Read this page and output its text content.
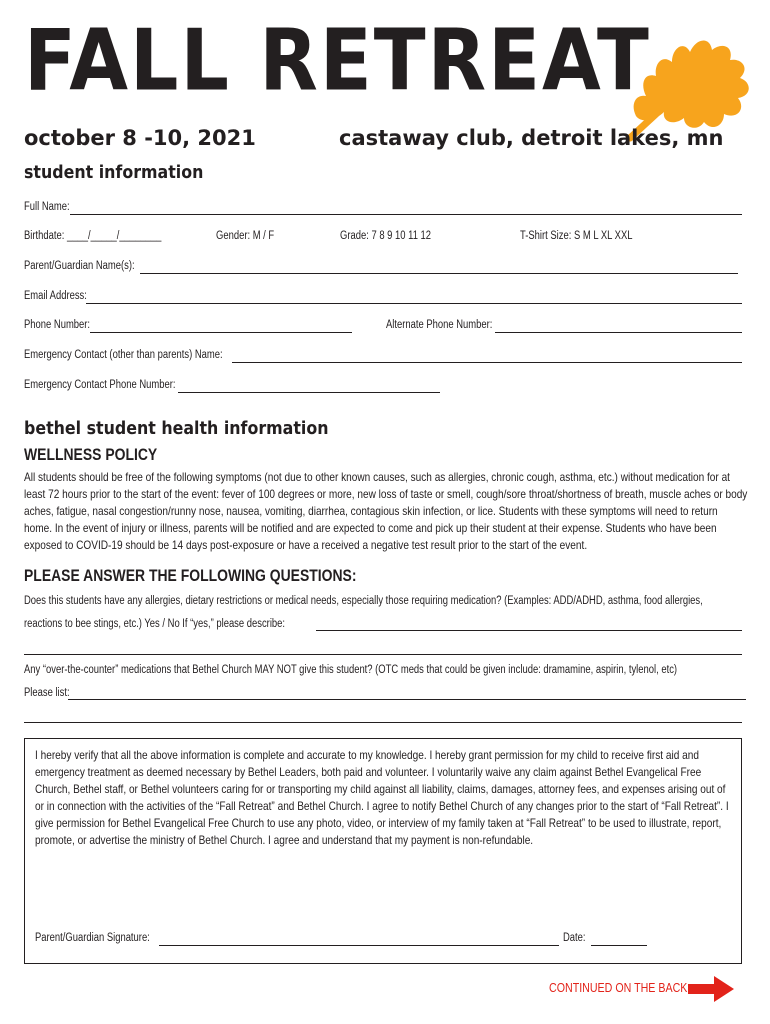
FALL RETREAT
october 8 -10, 2021	castaway club, detroit lakes, mn
student information
Full Name:
Birthdate: ____/_____/________	Gender: M / F	Grade: 7 8 9 10 11 12	T-Shirt Size: S M L XL XXL
Parent/Guardian Name(s):
Email Address:
Phone Number:	Alternate Phone Number:
Emergency Contact (other than parents) Name:
Emergency Contact Phone Number:
bethel student health information
WELLNESS POLICY
All students should be free of the following symptoms (not due to other known causes, such as allergies, chronic cough, asthma, etc.) without medication for at least 72 hours prior to the start of the event: fever of 100 degrees or more, new loss of taste or smell, cough/sore throat/shortness of breath, muscle aches or body aches, fatigue, nasal congestion/runny nose, nausea, vomiting, diarrhea, contagious skin infection, or lice. Students with these symptoms will need to return home. In the event of injury or illness, parents will be notified and are expected to come and pick up their student at their expense. Students who have been exposed to COVID-19 should be 14 days post-exposure or have a received a negative test result prior to the start of the event.
PLEASE ANSWER THE FOLLOWING QUESTIONS:
Does this students have any allergies, dietary restrictions or medical needs, especially those requiring medication? (Examples: ADD/ADHD, asthma, food allergies,
reactions to bee stings, etc.) Yes / No If “yes,” please describe:
Any “over-the-counter” medications that Bethel Church MAY NOT give this student? (OTC meds that could be given include: dramamine, aspirin, tylenol, etc)
Please list:
I hereby verify that all the above information is complete and accurate to my knowledge. I hereby grant permission for my child to receive first aid and emergency treatment as deemed necessary by Bethel Leaders, both paid and volunteer. I voluntarily waive any claim against Bethel Evangelical Free Church, Bethel staff, or Bethel volunteers caring for or transporting my child against all liability, claims, damages, attorney fees, and expenses arising out of or in connection with the activities of the “Fall Retreat” and Bethel Church. I agree to notify Bethel Church of any changes prior to the start of “Fall Retreat”. I give permission for Bethel Evangelical Free Church to use any photo, video, or interview of my family taken at “Fall Retreat” to be used to illustrate, report, promote, or advertise the ministry of Bethel Church. I agree and understand that my payment is non-refundable.
Parent/Guardian Signature:	Date:
CONTINUED ON THE BACK
